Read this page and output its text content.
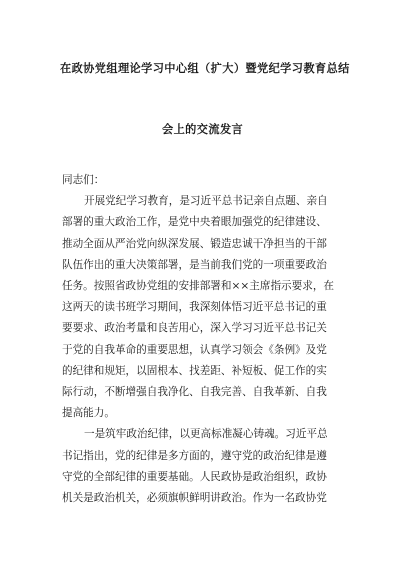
在政协党组理论学习中心组（扩大）暨党纪学习教育总结
会上的交流发言
同志们：
开展党纪学习教育，是习近平总书记亲自点题、亲自
部署的重大政治工作，是党中央着眼加强党的纪律建设、
推动全面从严治党向纵深发展、锻造忠诚干净担当的干部
队伍作出的重大决策部署，是当前我们党的一项重要政治
任务。按照省政协党组的安排部署和××主席指示要求，在
这两天的读书班学习期间，我深刻体悟习近平总书记的重
要要求、政治考量和良苦用心，深入学习习近平总书记关
于党的自我革命的重要思想，认真学习领会《条例》及党
的纪律和规矩，以固根本、找差距、补短板、促工作的实
际行动，不断增强自我净化、自我完善、自我革新、自我
提高能力。
一是筑牢政治纪律，以更高标准凝心铸魂。习近平总
书记指出，党的纪律是多方面的，遵守党的政治纪律是遵
守党的全部纪律的重要基础。人民政协是政治组织，政协
机关是政治机关，必须旗帜鲜明讲政治。作为一名政协党
